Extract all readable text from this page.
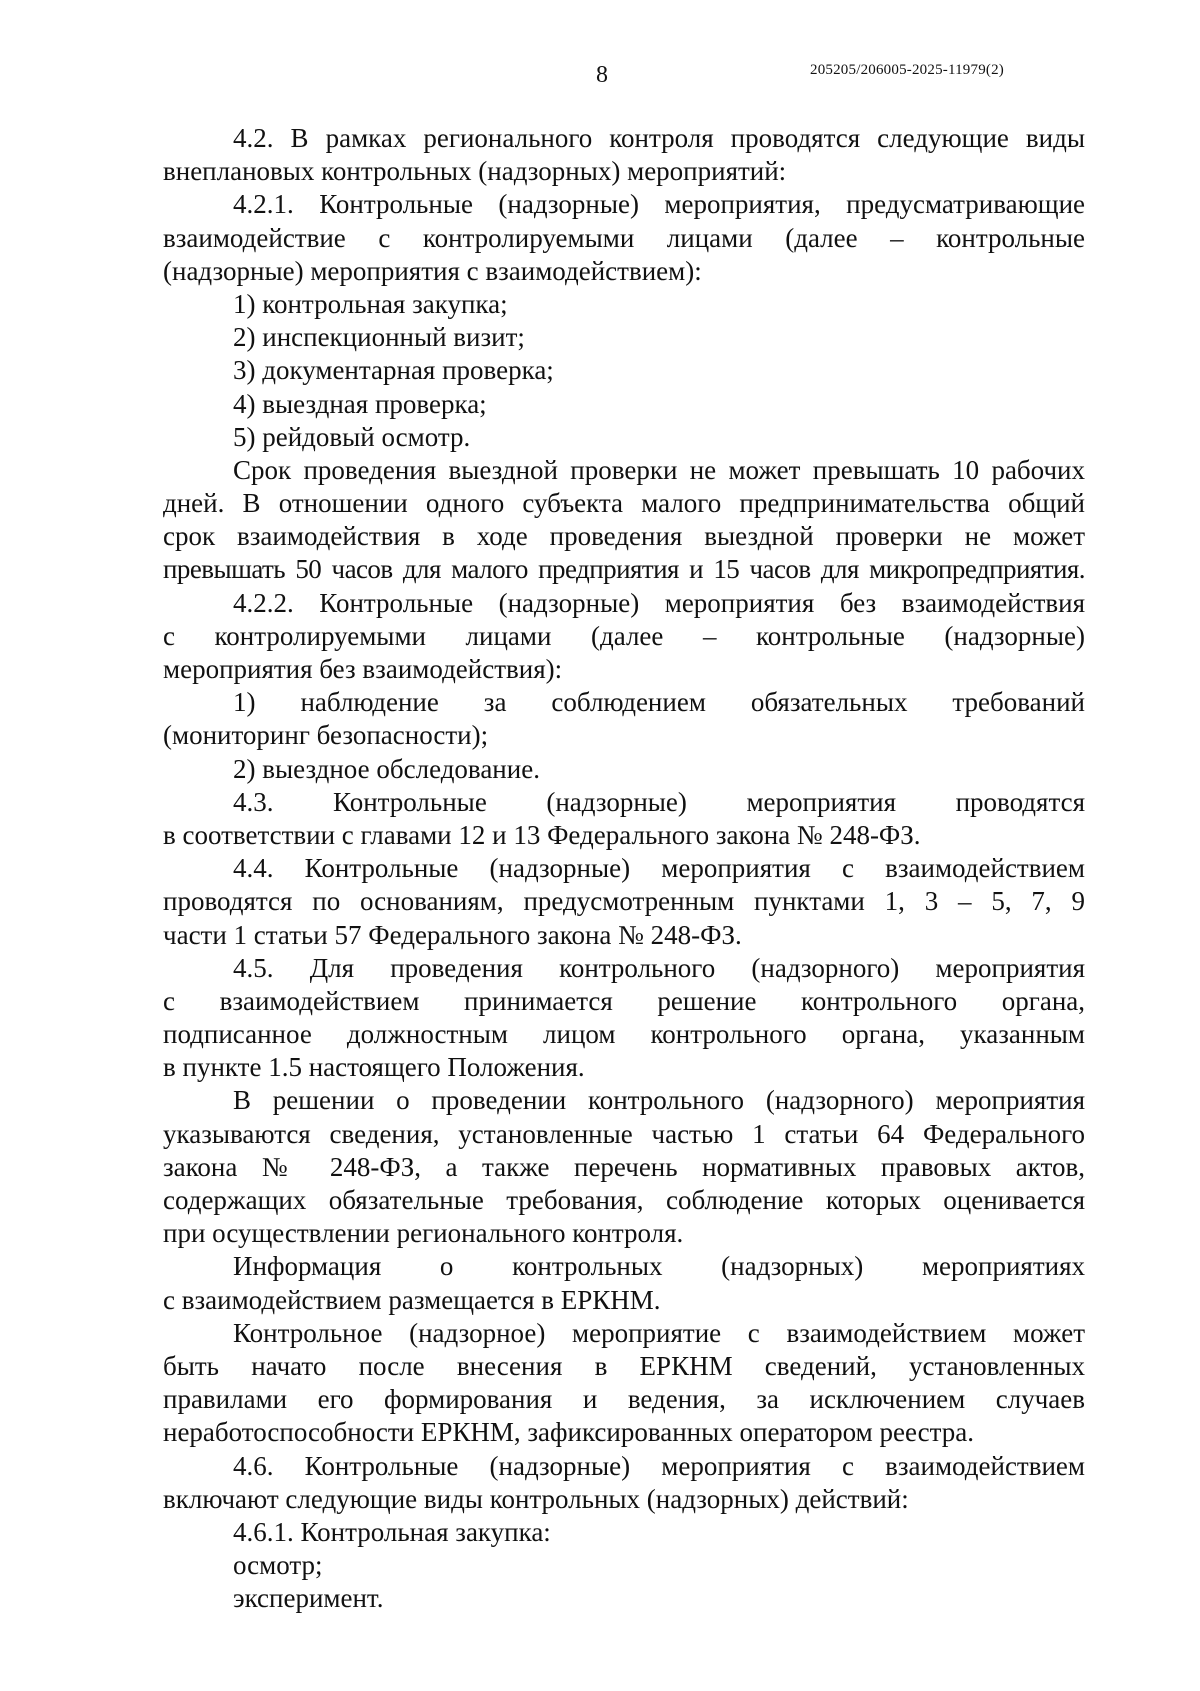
8	205205/206005-2025-11979(2)
4.2. В рамках регионального контроля проводятся следующие виды
внеплановых контрольных (надзорных) мероприятий:
4.2.1. Контрольные (надзорные) мероприятия, предусматривающие
взаимодействие с контролируемыми лицами (далее – контрольные
(надзорные) мероприятия с взаимодействием):
1) контрольная закупка;
2) инспекционный визит;
3) документарная проверка;
4) выездная проверка;
5) рейдовый осмотр.
Срок проведения выездной проверки не может превышать 10 рабочих
дней. В отношении одного субъекта малого предпринимательства общий
срок взаимодействия в ходе проведения выездной проверки не может
превышать 50 часов для малого предприятия и 15 часов для микропредприятия.
4.2.2. Контрольные (надзорные) мероприятия без взаимодействия
с контролируемыми лицами (далее – контрольные (надзорные)
мероприятия без взаимодействия):
1) наблюдение за соблюдением обязательных требований
(мониторинг безопасности);
2) выездное обследование.
4.3. Контрольные (надзорные) мероприятия проводятся
в соответствии с главами 12 и 13 Федерального закона № 248-ФЗ.
4.4. Контрольные (надзорные) мероприятия с взаимодействием
проводятся по основаниям, предусмотренным пунктами 1, 3 – 5, 7, 9
части 1 статьи 57 Федерального закона № 248-ФЗ.
4.5. Для проведения контрольного (надзорного) мероприятия
с взаимодействием принимается решение контрольного органа,
подписанное должностным лицом контрольного органа, указанным
в пункте 1.5 настоящего Положения.
В решении о проведении контрольного (надзорного) мероприятия
указываются сведения, установленные частью 1 статьи 64 Федерального
закона № 248-ФЗ, а также перечень нормативных правовых актов,
содержащих обязательные требования, соблюдение которых оценивается
при осуществлении регионального контроля.
Информация о контрольных (надзорных) мероприятиях
с взаимодействием размещается в ЕРКНМ.
Контрольное (надзорное) мероприятие с взаимодействием может
быть начато после внесения в ЕРКНМ сведений, установленных
правилами его формирования и ведения, за исключением случаев
неработоспособности ЕРКНМ, зафиксированных оператором реестра.
4.6. Контрольные (надзорные) мероприятия с взаимодействием
включают следующие виды контрольных (надзорных) действий:
4.6.1. Контрольная закупка:
осмотр;
эксперимент.
